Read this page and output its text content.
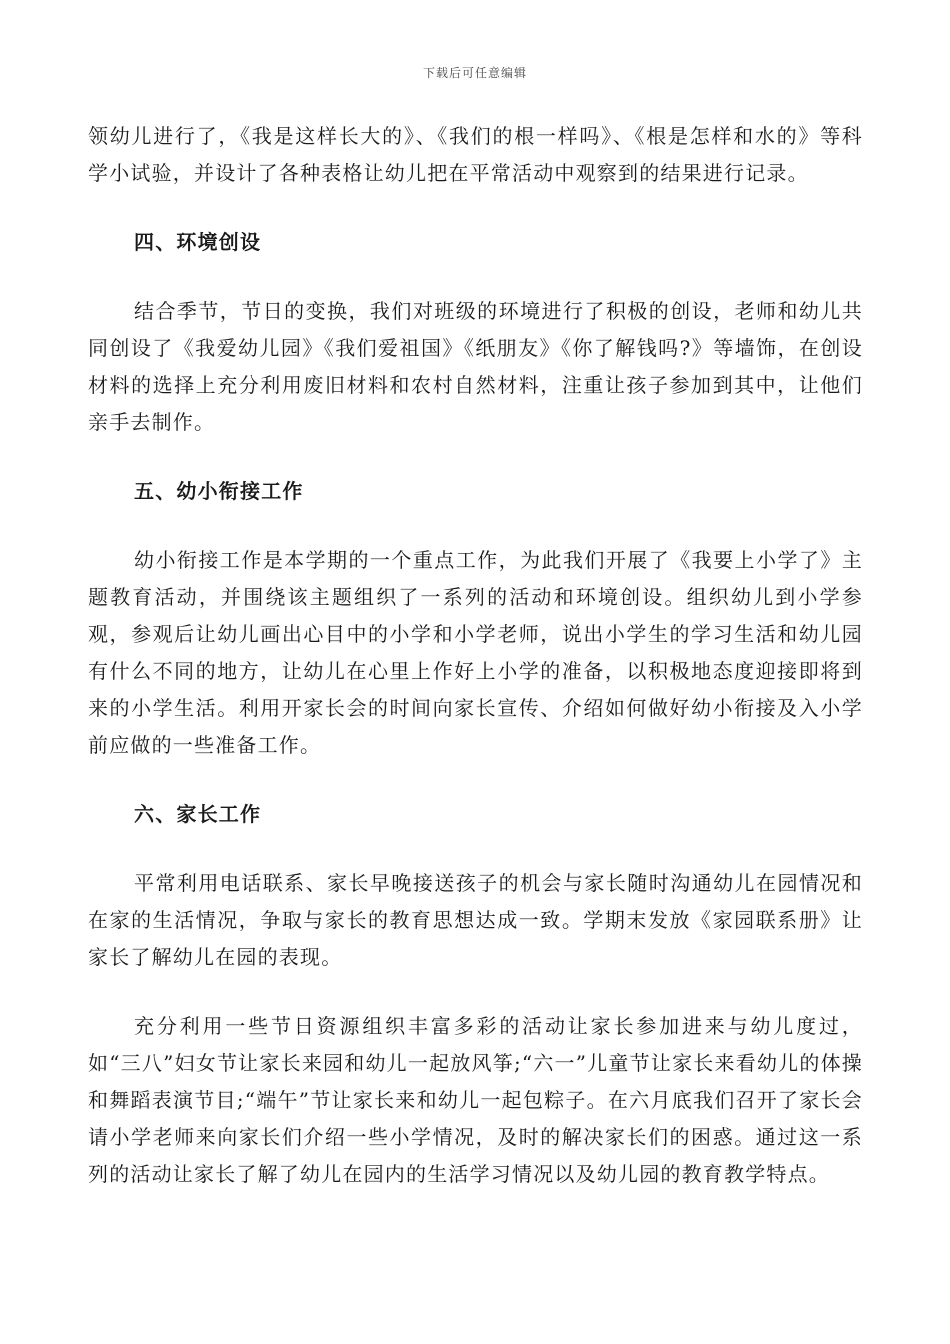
下载后可任意编辑

领幼儿进行了，《我是这样长大的》、《我们的根一样吗》、《根是怎样和水的》等科学小试验，并设计了各种表格让幼儿把在平常活动中观察到的结果进行记录。

四、环境创设

结合季节，节日的变换，我们对班级的环境进行了积极的创设，老师和幼儿共同创设了《我爱幼儿园》《我们爱祖国》《纸朋友》《你了解钱吗?》等墙饰，在创设材料的选择上充分利用废旧材料和农村自然材料，注重让孩子参加到其中，让他们亲手去制作。

五、幼小衔接工作

幼小衔接工作是本学期的一个重点工作，为此我们开展了《我要上小学了》主题教育活动，并围绕该主题组织了一系列的活动和环境创设。组织幼儿到小学参观，参观后让幼儿画出心目中的小学和小学老师，说出小学生的学习生活和幼儿园有什么不同的地方，让幼儿在心里上作好上小学的准备，以积极地态度迎接即将到来的小学生活。利用开家长会的时间向家长宣传、介绍如何做好幼小衔接及入小学前应做的一些准备工作。

六、家长工作

平常利用电话联系、家长早晚接送孩子的机会与家长随时沟通幼儿在园情况和在家的生活情况，争取与家长的教育思想达成一致。学期末发放《家园联系册》让家长了解幼儿在园的表现。

充分利用一些节日资源组织丰富多彩的活动让家长参加进来与幼儿度过，如“三八”妇女节让家长来园和幼儿一起放风筝;“六一”儿童节让家长来看幼儿的体操和舞蹈表演节目;“端午”节让家长来和幼儿一起包粽子。在六月底我们召开了家长会请小学老师来向家长们介绍一些小学情况，及时的解决家长们的困惑。通过这一系列的活动让家长了解了幼儿在园内的生活学习情况以及幼儿园的教育教学特点。
